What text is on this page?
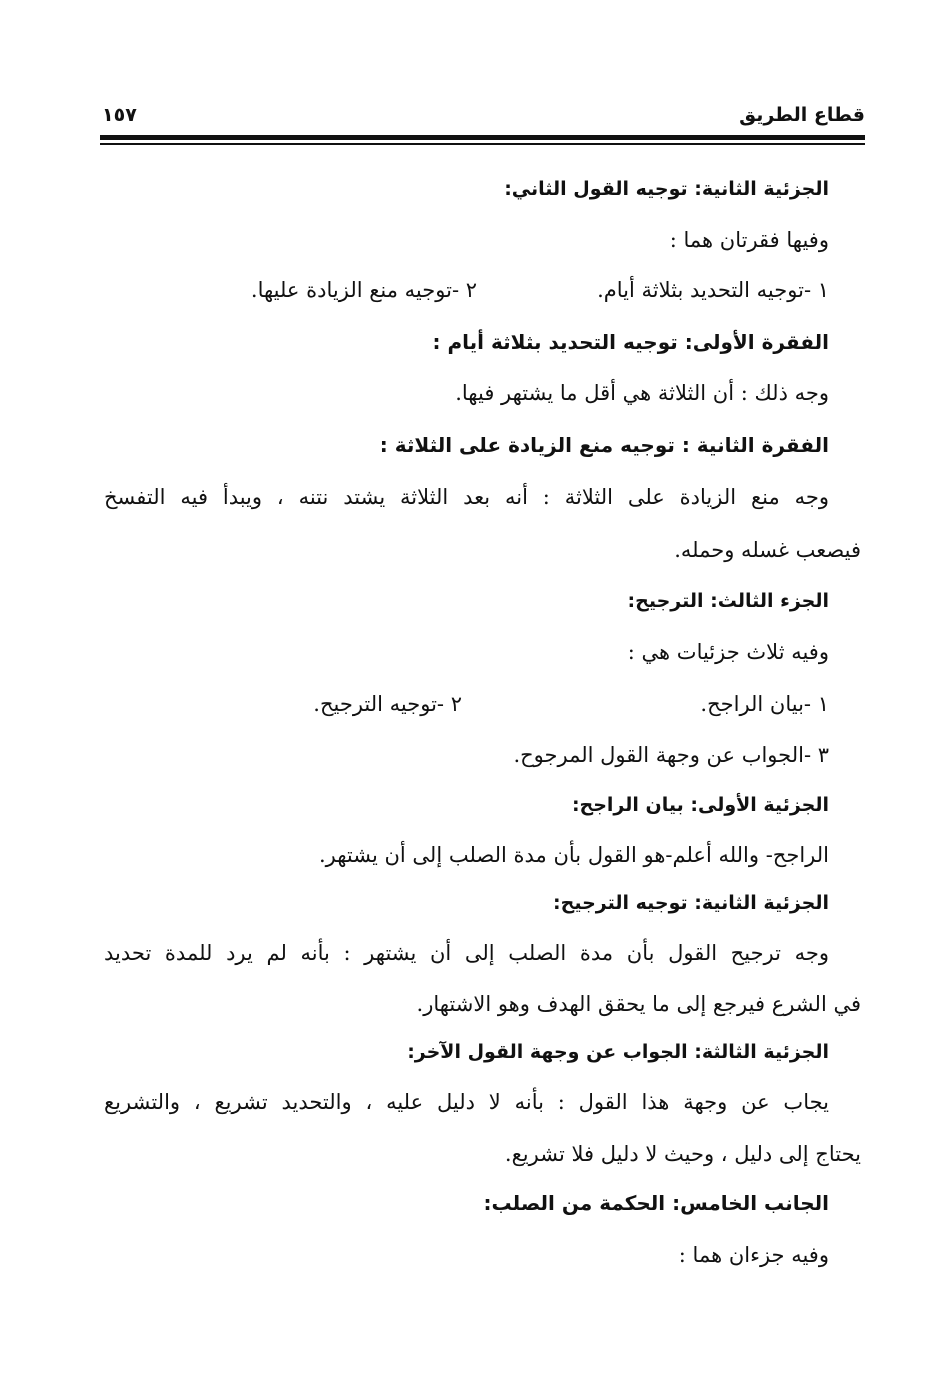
قطاع الطريق
١٥٧
الجزئية الثانية: توجيه القول الثاني:
وفيها فقرتان هما :
١ -توجيه التحديد بثلاثة أيام.
٢ -توجيه منع الزيادة عليها.
الفقرة الأولى: توجيه التحديد بثلاثة أيام :
وجه ذلك : أن الثلاثة هي أقل ما يشتهر فيها.
الفقرة الثانية : توجيه منع الزيادة على الثلاثة :
وجه منع الزيادة على الثلاثة : أنه بعد الثلاثة يشتد نتنه ، ويبدأ فيه التفسخ
فيصعب غسله وحمله.
الجزء الثالث: الترجيح:
وفيه ثلاث جزئيات هي :
١ -بيان الراجح.
٢ -توجيه الترجيح.
٣ -الجواب عن وجهة القول المرجوح.
الجزئية الأولى: بيان الراجح:
الراجح- والله أعلم-هو القول بأن مدة الصلب إلى أن يشتهر.
الجزئية الثانية: توجيه الترجيح:
وجه ترجيح القول بأن مدة الصلب إلى أن يشتهر : بأنه لم يرد للمدة تحديد
في الشرع فيرجع إلى ما يحقق الهدف وهو الاشتهار.
الجزئية الثالثة: الجواب عن وجهة القول الآخر:
يجاب عن وجهة هذا القول : بأنه لا دليل عليه ، والتحديد تشريع ، والتشريع
يحتاج إلى دليل ، وحيث لا دليل فلا تشريع.
الجانب الخامس: الحكمة من الصلب:
وفيه جزءان هما :
